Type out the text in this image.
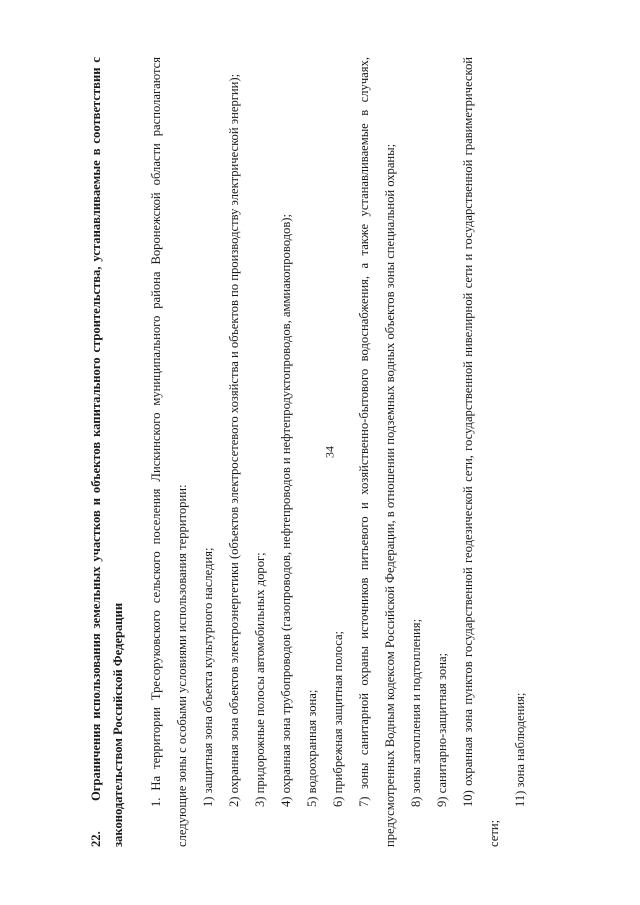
34

22.Ограничения использования земельных участков и объектов капитального строительства, устанавливаемые в соответствии с законодательством Российской Федерации	1. На территории Тресоруковского сельского поселения Лискинского муниципального района Воронежской области располагаются следующие зоны с особыми условиями использования территории: 1) защитная зона объекта культурного наследия; 2) охранная зона объектов электроэнергетики (объектов электросетевого хозяйства и объектов по производству электрической энергии); 3) придорожные полосы автомобильных дорог; 4) охранная зона трубопроводов (газопроводов, нефтепроводов и нефтепродуктопроводов, аммиакопроводов); 5) водоохранная зона; 6) прибрежная защитная полоса; 7) зоны санитарной охраны источников питьевого и хозяйственно-бытового водоснабжения, а также устанавливаемые в случаях, предусмотренных Водным кодексом Российской Федерации, в отношении подземных водных объектов зоны специальной охраны; 8) зоны затопления и подтопления; 9) санитарно-защитная зона; 10) охранная зона пунктов государственной геодезической сети, государственной нивелирной сети и государственной гравиметрической сети;
11) зона наблюдения;
